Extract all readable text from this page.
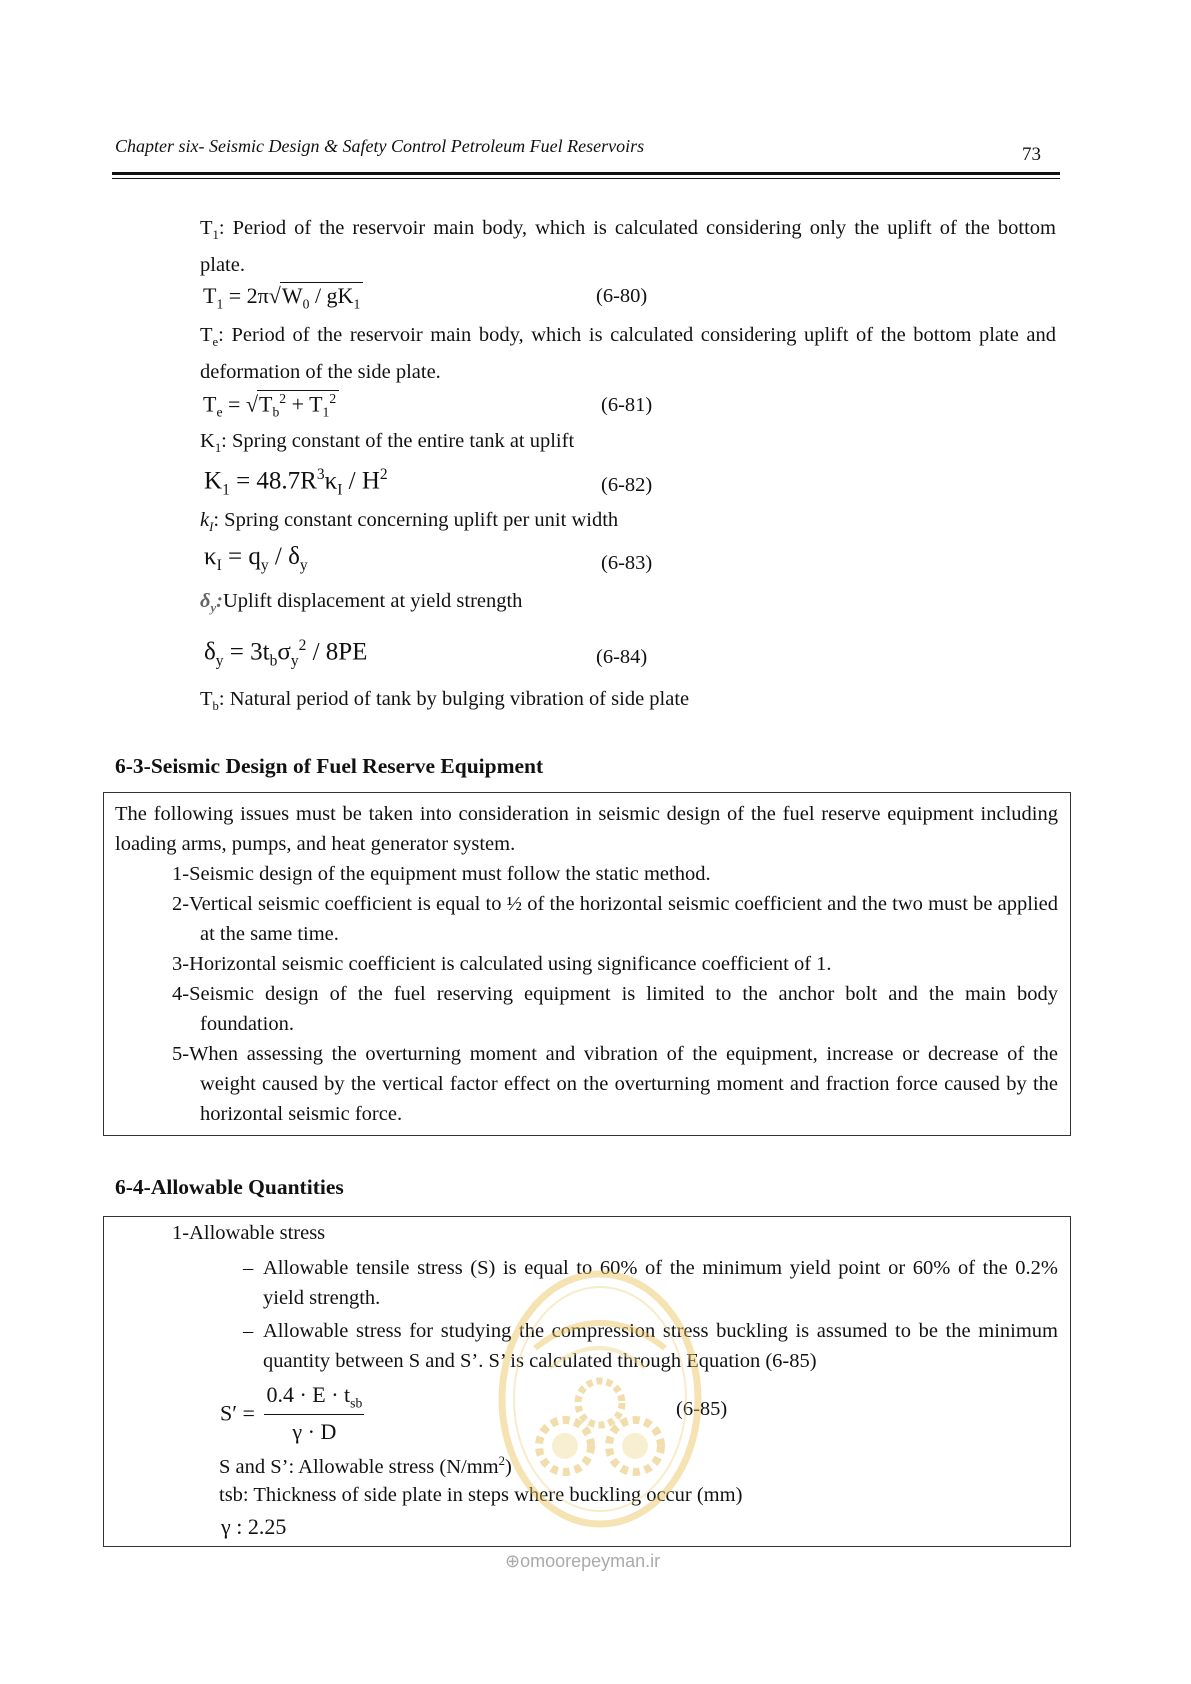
Chapter six- Seismic Design & Safety Control Petroleum Fuel Reservoirs	73
$T_1$: Period of the reservoir main body, which is calculated considering only the uplift of the bottom plate.
$T_1 = 2\pi√W_0 / gK_1$	(6-80)
$T_e$: Period of the reservoir main body, which is calculated considering uplift of the bottom plate and deformation of the side plate.
$T_e = √T_b^2 + T_1^2$	(6-81)
$K_1$: Spring constant of the entire tank at uplift
$K_1 = 48.7R^3\kappa_I / H^2$	(6-82)
$k_I$: Spring constant concerning uplift per unit width
$\kappa_I = q_y / \delta_y$	(6-83)
$\delta_y:Uplift$ displacement at yield strength
$\delta_y = 3t_b\sigma_y^2 / 8PE$	(6-84)
$T_b$: Natural period of tank by bulging vibration of side plate
6-3-Seismic Design of Fuel Reserve Equipment
The following issues must be taken into consideration in seismic design of the fuel reserve equipment including loading arms, pumps, and heat generator system.
1-Seismic design of the equipment must follow the static method.
2-Vertical seismic coefficient is equal to ½ of the horizontal seismic coefficient and the two must be applied at the same time.
3-Horizontal seismic coefficient is calculated using significance coefficient of 1.
4-Seismic design of the fuel reserving equipment is limited to the anchor bolt and the main body foundation.
5-When assessing the overturning moment and vibration of the equipment, increase or decrease of the weight caused by the vertical factor effect on the overturning moment and fraction force caused by the horizontal seismic force.
6-4-Allowable Quantities
1-Allowable stress
– Allowable tensile stress (S) is equal to 60% of the minimum yield point or 60% of the 0.2% yield strength.
– Allowable stress for studying the compression stress buckling is assumed to be the minimum quantity between S and S’. S’ is calculated through Equation (6-85)
$S' = \frac{0.4 \cdot E \cdot t_{sb}}{\gamma \cdot D}$	(6-85)
S and S’: Allowable stress $(N/mm^2)$
tsb: Thickness of side plate in steps where buckling occur (mm)
γ : 2.25
⊕omoorepeyman.ir
